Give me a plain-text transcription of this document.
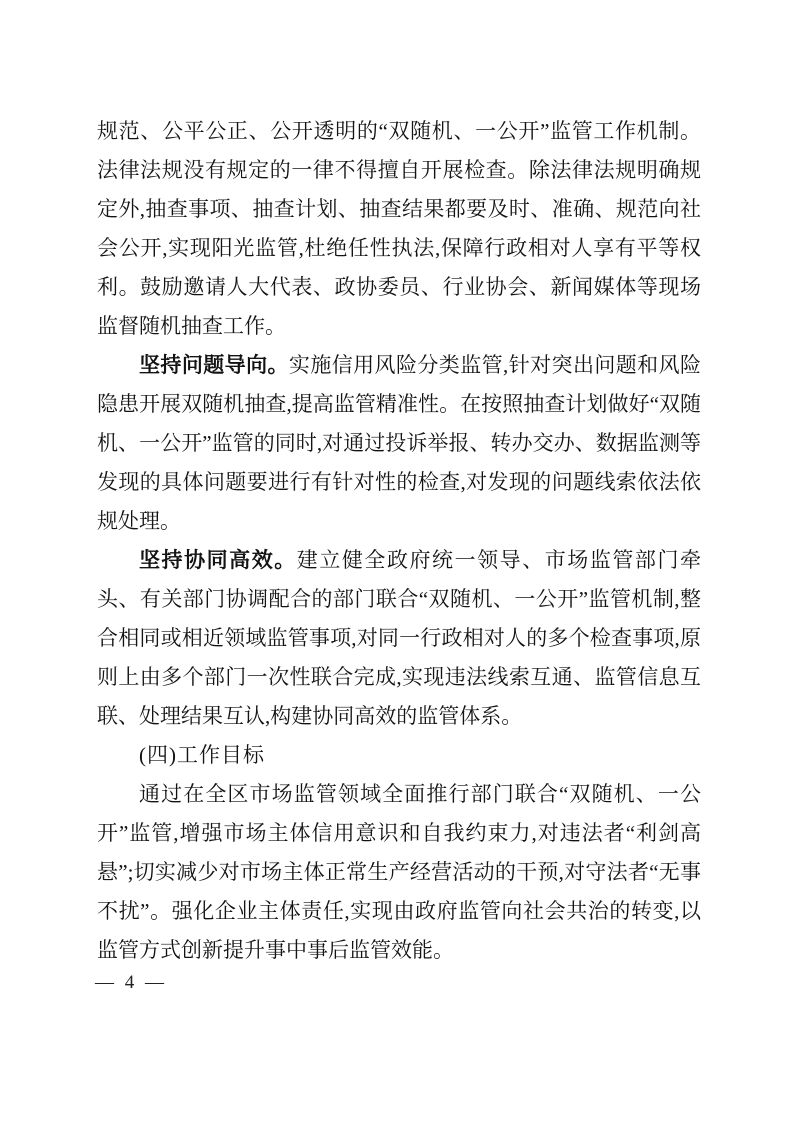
规范、公平公正、公开透明的“双随机、一公开”监管工作机制。法律法规没有规定的一律不得擅自开展检查。除法律法规明确规定外,抽查事项、抽查计划、抽查结果都要及时、准确、规范向社会公开,实现阳光监管,杜绝任性执法,保障行政相对人享有平等权利。鼓励邀请人大代表、政协委员、行业协会、新闻媒体等现场监督随机抽查工作。

坚持问题导向。实施信用风险分类监管,针对突出问题和风险隐患开展双随机抽查,提高监管精准性。在按照抽查计划做好“双随机、一公开”监管的同时,对通过投诉举报、转办交办、数据监测等发现的具体问题要进行有针对性的检查,对发现的问题线索依法依规处理。

坚持协同高效。建立健全政府统一领导、市场监管部门牵头、有关部门协调配合的部门联合“双随机、一公开”监管机制,整合相同或相近领域监管事项,对同一行政相对人的多个检查事项,原则上由多个部门一次性联合完成,实现违法线索互通、监管信息互联、处理结果互认,构建协同高效的监管体系。

(四)工作目标

通过在全区市场监管领域全面推行部门联合“双随机、一公开”监管,增强市场主体信用意识和自我约束力,对违法者“利剑高悬”;切实减少对市场主体正常生产经营活动的干预,对守法者“无事不扰”。强化企业主体责任,实现由政府监管向社会共治的转变,以监管方式创新提升事中事后监管效能。

— 4 —
